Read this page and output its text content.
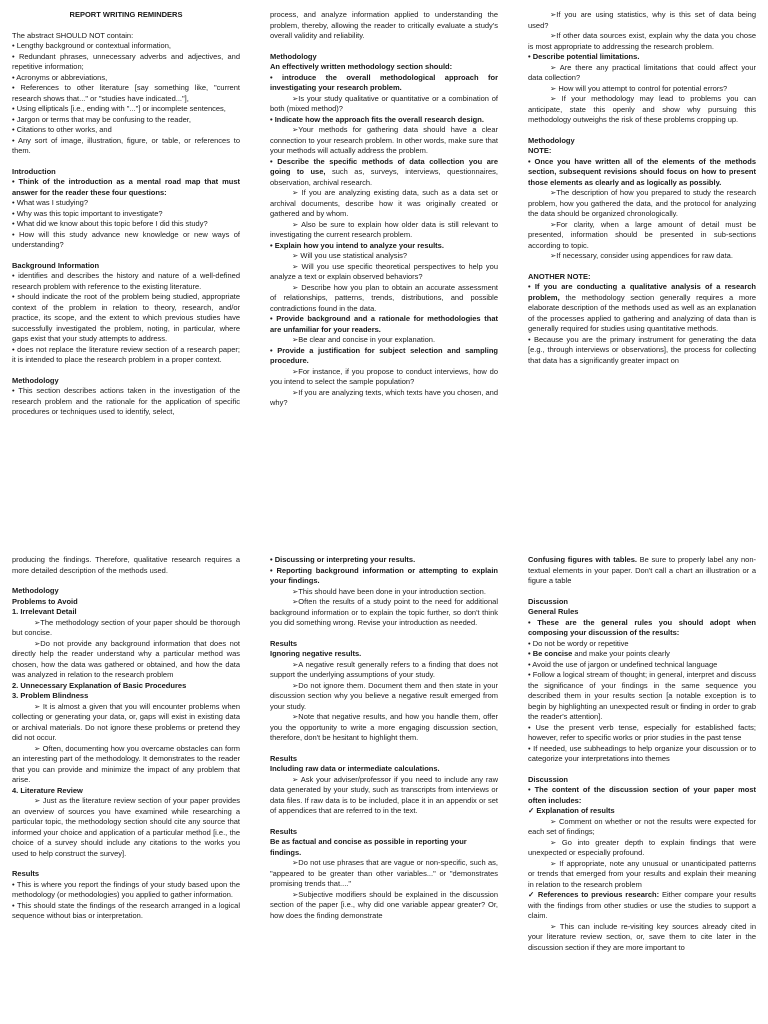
REPORT WRITING REMINDERS

The abstract SHOULD NOT contain:

• Lengthy background or contextual information,

• Redundant phrases, unnecessary adverbs and adjectives, and repetitive information;

• Acronyms or abbreviations,

• References to other literature [say something like, "current research shows that..." or "studies have indicated..."],

• Using ellipticals [i.e., ending with "..."] or incomplete sentences,

• Jargon or terms that may be confusing to the reader,

• Citations to other works, and

• Any sort of image, illustration, figure, or table, or references to them.

Introduction

• Think of the introduction as a mental road map that must answer for the reader these four questions:

• What was I studying?

• Why was this topic important to investigate?

• What did we know about this topic before I did this study?

• How will this study advance new knowledge or new ways of understanding?

Background Information

• identifies and describes the history and nature of a well-defined research problem with reference to the existing literature.

• should indicate the root of the problem being studied, appropriate context of the problem in relation to theory, research, and/or practice, its scope, and the extent to which previous studies have successfully investigated the problem, noting, in particular, where gaps exist that your study attempts to address.

• does not replace the literature review section of a research paper; it is intended to place the research problem in a proper context.

Methodology

• This section describes actions taken in the investigation of the research problem and the rationale for the application of specific procedures or techniques used to identify, select,

process, and analyze information applied to understanding the problem, thereby, allowing the reader to critically evaluate a study's overall validity and reliability.

Methodology

An effectively written methodology section should:

• introduce the overall methodological approach for investigating your research problem.

➢Is your study qualitative or quantitative or a combination of both (mixed method)?

• Indicate how the approach fits the overall research design.

➢Your methods for gathering data should have a clear connection to your research problem. In other words, make sure that your methods will actually address the problem.

• Describe the specific methods of data collection you are going to use, such as, surveys, interviews, questionnaires, observation, archival research.

➢ If you are analyzing existing data, such as a data set or archival documents, describe how it was originally created or gathered and by whom.

➢ Also be sure to explain how older data is still relevant to investigating the current research problem.

• Explain how you intend to analyze your results.

➢ Will you use statistical analysis?

➢ Will you use specific theoretical perspectives to help you analyze a text or explain observed behaviors?

➢ Describe how you plan to obtain an accurate assessment of relationships, patterns, trends, distributions, and possible contradictions found in the data.

• Provide background and a rationale for methodologies that are unfamiliar for your readers.

➢Be clear and concise in your explanation.

• Provide a justification for subject selection and sampling procedure.

➢For instance, if you propose to conduct interviews, how do you intend to select the sample population?

➢If you are analyzing texts, which texts have you chosen, and why?

➢If you are using statistics, why is this set of data being used?

➢If other data sources exist, explain why the data you chose is most appropriate to addressing the research problem.

• Describe potential limitations.

➢ Are there any practical limitations that could affect your data collection?

➢ How will you attempt to control for potential errors?

➢ If your methodology may lead to problems you can anticipate, state this openly and show why pursuing this methodology outweighs the risk of these problems cropping up.

Methodology

NOTE:

• Once you have written all of the elements of the methods section, subsequent revisions should focus on how to present those elements as clearly and as logically as possibly.

➢The description of how you prepared to study the research problem, how you gathered the data, and the protocol for analyzing the data should be organized chronologically.

➢For clarity, when a large amount of detail must be presented, information should be presented in sub-sections according to topic.

➢If necessary, consider using appendices for raw data.

ANOTHER NOTE:

• If you are conducting a qualitative analysis of a research problem, the methodology section generally requires a more elaborate description of the methods used as well as an explanation of the processes applied to gathering and analyzing of data than is generally required for studies using quantitative methods.

• Because you are the primary instrument for generating the data [e.g., through interviews or observations], the process for collecting that data has a significantly greater impact on

producing the findings. Therefore, qualitative research requires a more detailed description of the methods used.

Methodology
Problems to Avoid

1. Irrelevant Detail

➢The methodology section of your paper should be thorough but concise.

➢Do not provide any background information that does not directly help the reader understand why a particular method was chosen, how the data was gathered or obtained, and how the data was analyzed in relation to the research problem

2. Unnecessary Explanation of Basic Procedures

3. Problem Blindness

➢ It is almost a given that you will encounter problems when collecting or generating your data, or, gaps will exist in existing data or archival materials. Do not ignore these problems or pretend they did not occur.

➢ Often, documenting how you overcame obstacles can form an interesting part of the methodology. It demonstrates to the reader that you can provide and minimize the impact of any problem that arise.

4. Literature Review

➢ Just as the literature review section of your paper provides an overview of sources you have examined while researching a particular topic, the methodology section should cite any source that informed your choice and application of a particular method [i.e., the choice of a survey should include any citations to the works you used to help construct the survey].

Results

• This is where you report the findings of your study based upon the methodology (or methodologies) you applied to gather information.

• This should state the findings of the research arranged in a logical sequence without bias or interpretation.

• Discussing or interpreting your results.

• Reporting background information or attempting to explain your findings.

➢This should have been done in your introduction section.

➢Often the results of a study point to the need for additional background information or to explain the topic further, so don't think you did something wrong. Revise your introduction as needed.

Results
Ignoring negative results.

➢A negative result generally refers to a finding that does not support the underlying assumptions of your study.

➢Do not ignore them. Document them and then state in your discussion section why you believe a negative result emerged from your study.

➢Note that negative results, and how you handle them, offer you the opportunity to write a more engaging discussion section, therefore, don't be hesitant to highlight them.

Results
Including raw data or intermediate calculations.

➢ Ask your adviser/professor if you need to include any raw data generated by your study, such as transcripts from interviews or data files. If raw data is to be included, place it in an appendix or set of appendices that are referred to in the text.

Results
Be as factual and concise as possible in reporting your findings.

➢Do not use phrases that are vague or non-specific, such as, "appeared to be greater than other variables..." or "demonstrates promising trends that...."

➢Subjective modifiers should be explained in the discussion section of the paper [i.e., why did one variable appear greater? Or, how does the finding demonstrate

Confusing figures with tables. Be sure to properly label any non-textual elements in your paper. Don't call a chart an illustration or a figure a table

Discussion
General Rules

• These are the general rules you should adopt when composing your discussion of the results:

• Do not be wordy or repetitive

• Be concise and make your points clearly

• Avoid the use of jargon or undefined technical language

• Follow a logical stream of thought; in general, interpret and discuss the significance of your findings in the same sequence you described them in your results section [a notable exception is to begin by highlighting an unexpected result or finding in order to grab the reader's attention].

• Use the present verb tense, especially for established facts; however, refer to specific works or prior studies in the past tense

• If needed, use subheadings to help organize your discussion or to categorize your interpretations into themes

Discussion

• The content of the discussion section of your paper most often includes:

✓ Explanation of results

➢ Comment on whether or not the results were expected for each set of findings;

➢ Go into greater depth to explain findings that were unexpected or especially profound.

➢ If appropriate, note any unusual or unanticipated patterns or trends that emerged from your results and explain their meaning in relation to the research problem

✓ References to previous research: Either compare your results with the findings from other studies or use the studies to support a claim.

➢ This can include re-visiting key sources already cited in your literature review section, or, save them to cite later in the discussion section if they are more important to
